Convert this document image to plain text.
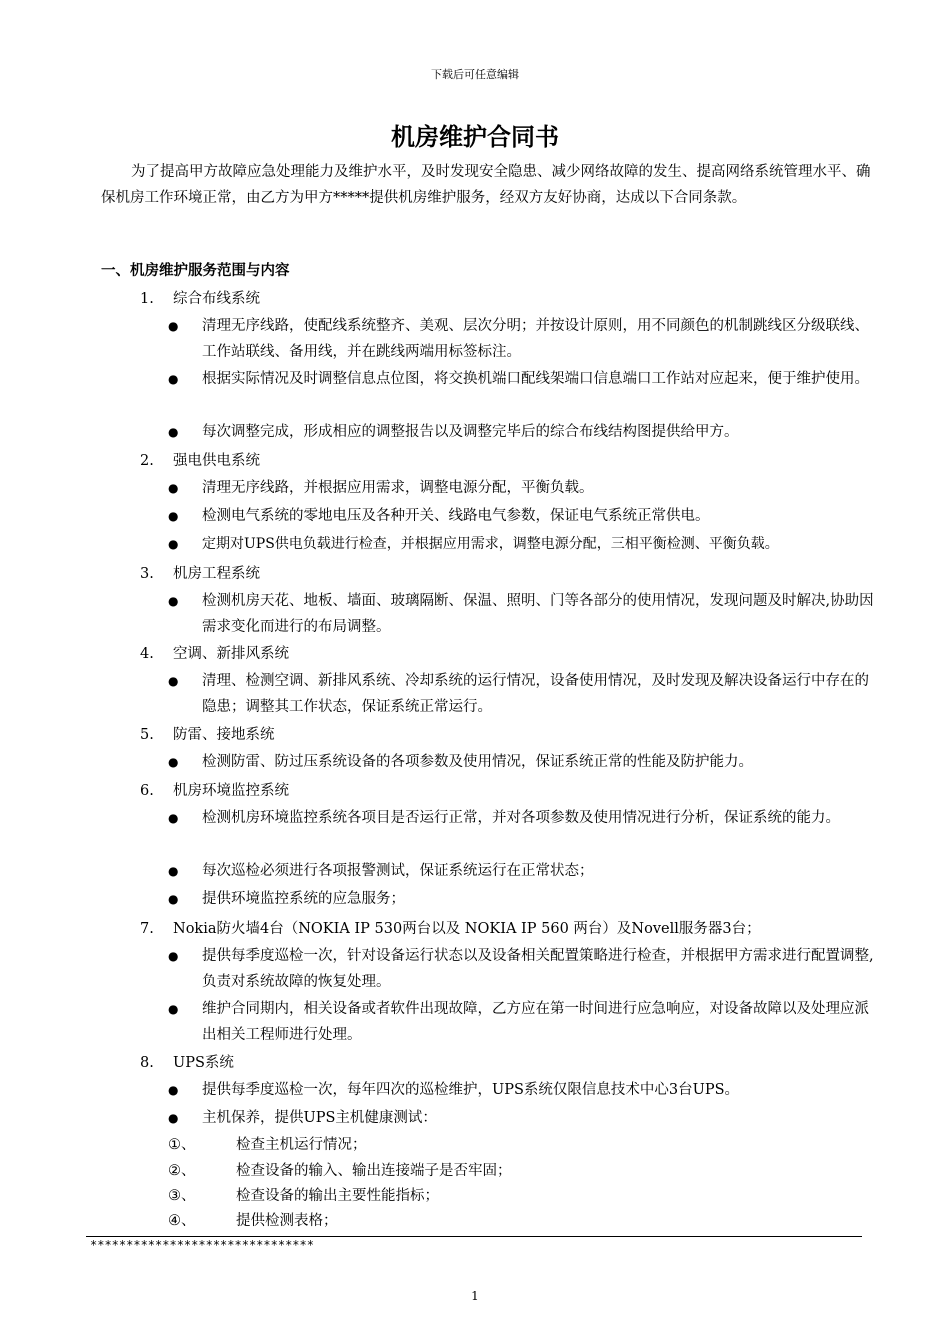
下载后可任意编辑
机房维护合同书
为了提高甲方故障应急处理能力及维护水平，及时发现安全隐患、减少网络故障的发生、提高网络系统管理水平、确保机房工作环境正常，由乙方为甲方*****提供机房维护服务，经双方友好协商，达成以下合同条款。
一、机房维护服务范围与内容
1. 综合布线系统
● 清理无序线路，使配线系统整齐、美观、层次分明；并按设计原则，用不同颜色的机制跳线区分级联线、工作站联线、备用线，并在跳线两端用标签标注。
● 根据实际情况及时调整信息点位图，将交换机端口配线架端口信息端口工作站对应起来，便于维护使用。
● 每次调整完成，形成相应的调整报告以及调整完毕后的综合布线结构图提供给甲方。
2. 强电供电系统
● 清理无序线路，并根据应用需求，调整电源分配，平衡负载。
● 检测电气系统的零地电压及各种开关、线路电气参数，保证电气系统正常供电。
● 定期对UPS供电负载进行检查，并根据应用需求，调整电源分配，三相平衡检测、平衡负载。
3. 机房工程系统
● 检测机房天花、地板、墙面、玻璃隔断、保温、照明、门等各部分的使用情况，发现问题及时解决,协助因需求变化而进行的布局调整。
4. 空调、新排风系统
● 清理、检测空调、新排风系统、冷却系统的运行情况，设备使用情况，及时发现及解决设备运行中存在的隐患；调整其工作状态，保证系统正常运行。
5. 防雷、接地系统
● 检测防雷、防过压系统设备的各项参数及使用情况，保证系统正常的性能及防护能力。
6. 机房环境监控系统
● 检测机房环境监控系统各项目是否运行正常，并对各项参数及使用情况进行分析，保证系统的能力。
● 每次巡检必须进行各项报警测试，保证系统运行在正常状态；
● 提供环境监控系统的应急服务；
7. Nokia防火墙4台（NOKIA IP 530两台以及 NOKIA IP 560 两台）及Novell服务器3台；
● 提供每季度巡检一次，针对设备运行状态以及设备相关配置策略进行检查，并根据甲方需求进行配置调整,负责对系统故障的恢复处理。
● 维护合同期内，相关设备或者软件出现故障，乙方应在第一时间进行应急响应，对设备故障以及处理应派出相关工程师进行处理。
8. UPS系统
● 提供每季度巡检一次，每年四次的巡检维护，UPS系统仅限信息技术中心3台UPS。
● 主机保养，提供UPS主机健康测试：
①、	检查主机运行情况；
②、	检查设备的输入、输出连接端子是否牢固；
③、	检查设备的输出主要性能指标；
④、	提供检测表格；
*******************************
1
